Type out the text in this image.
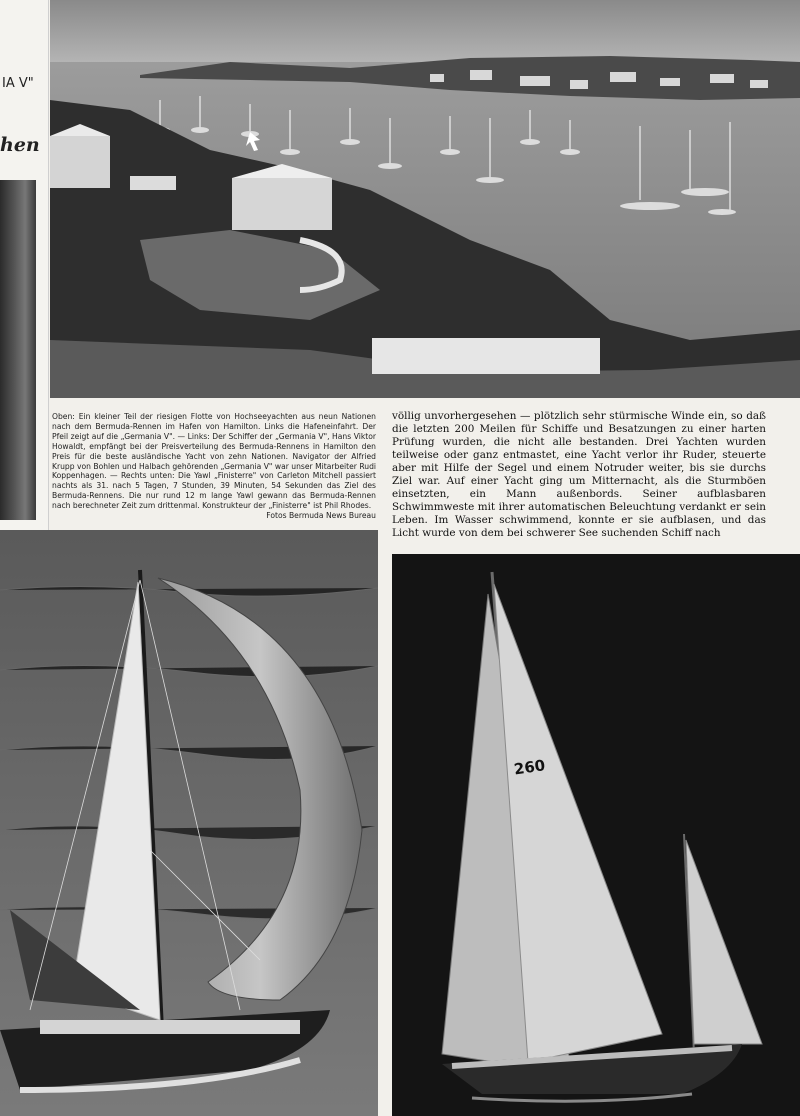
IA V"
hen
Oben: Ein kleiner Teil der riesigen Flotte von Hochseeyachten aus neun Nationen nach dem Bermuda-Rennen im Hafen von Hamilton. Links die Hafeneinfahrt. Der Pfeil zeigt auf die „Germania V". — Links: Der Schiffer der „Germania V", Hans Viktor Howaldt, empfängt bei der Preisverteilung des Bermuda-Rennens in Hamilton den Preis für die beste ausländische Yacht von zehn Nationen. Navigator der Alfried Krupp von Bohlen und Halbach gehörenden „Germania V" war unser Mitarbeiter Rudi Koppenhagen. — Rechts unten: Die Yawl „Finisterre" von Carleton Mitchell passiert nachts als 31. nach 5 Tagen, 7 Stunden, 39 Minuten, 54 Sekunden das Ziel des Bermuda-Rennens. Die nur rund 12 m lange Yawl gewann das Bermuda-Rennen nach berechneter Zeit zum drittenmal. Konstrukteur der „Finisterre" ist Phil Rhodes.
Fotos Bermuda News Bureau
völlig unvorhergesehen — plötzlich sehr stürmische Winde ein, so daß die letzten 200 Meilen für Schiffe und Besatzungen zu einer harten Prüfung wurden, die nicht alle bestanden. Drei Yachten wurden teilweise oder ganz entmastet, eine Yacht verlor ihr Ruder, steuerte aber mit Hilfe der Segel und einem Notruder weiter, bis sie durchs Ziel war. Auf einer Yacht ging um Mitternacht, als die Sturmböen einsetzten, ein Mann außenbords. Seiner aufblasbaren Schwimmweste mit ihrer automatischen Beleuchtung verdankt er sein Leben. Im Wasser schwimmend, konnte er sie aufblasen, und das Licht wurde von dem bei schwerer See suchenden Schiff nach
260
